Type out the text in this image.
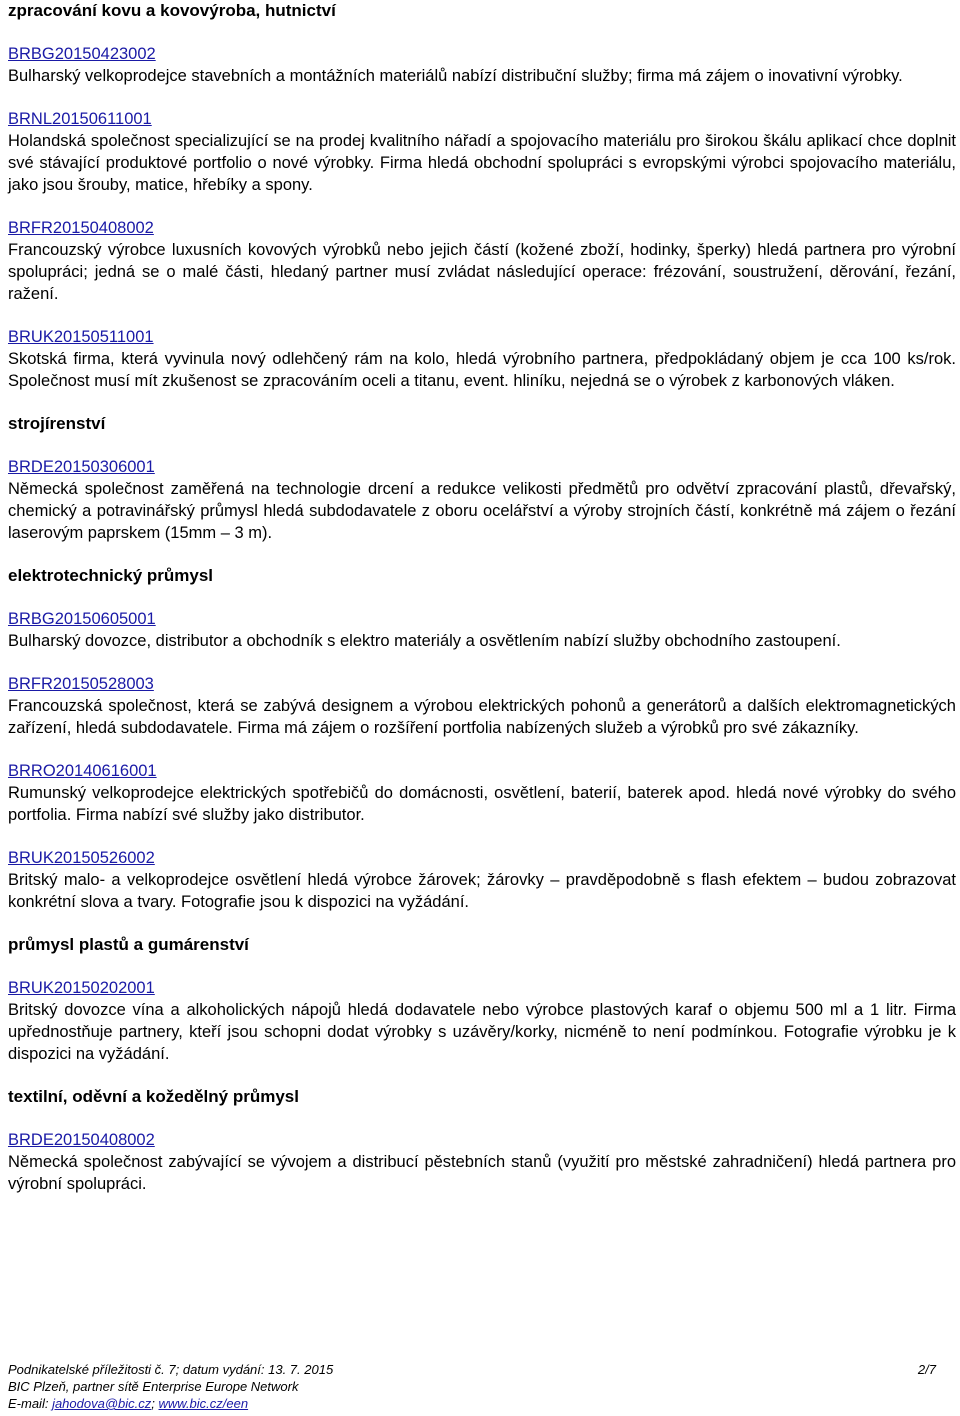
zpracování kovu a kovovýroba, hutnictví
BRBG20150423002
Bulharský velkoprodejce stavebních a montážních materiálů nabízí distribuční služby; firma má zájem o inovativní výrobky.
BRNL20150611001
Holandská společnost specializující se na prodej kvalitního nářadí a spojovacího materiálu pro širokou škálu aplikací chce doplnit své stávající produktové portfolio o nové výrobky. Firma hledá obchodní spolupráci s evropskými výrobci spojovacího materiálu, jako jsou šrouby, matice, hřebíky a spony.
BRFR20150408002
Francouzský výrobce luxusních kovových výrobků nebo jejich částí (kožené zboží, hodinky, šperky) hledá partnera pro výrobní spolupráci; jedná se o malé části, hledaný partner musí zvládat následující operace: frézování, soustružení, děrování, řezání, ražení.
BRUK20150511001
Skotská firma, která vyvinula nový odlehčený rám na kolo, hledá výrobního partnera, předpokládaný objem je cca 100 ks/rok. Společnost musí mít zkušenost se zpracováním oceli a titanu, event. hliníku, nejedná se o výrobek z karbonových vláken.
strojírenství
BRDE20150306001
Německá společnost zaměřená na technologie drcení a redukce velikosti předmětů pro odvětví zpracování plastů, dřevařský, chemický a potravinářský průmysl hledá subdodavatele z oboru ocelářství a výroby strojních částí, konkrétně má zájem o řezání laserovým paprskem (15mm – 3 m).
elektrotechnický průmysl
BRBG20150605001
Bulharský dovozce, distributor a obchodník s elektro materiály a osvětlením nabízí služby obchodního zastoupení.
BRFR20150528003
Francouzská společnost, která se zabývá designem a výrobou elektrických pohonů a generátorů a dalších elektromagnetických zařízení, hledá subdodavatele. Firma má zájem o rozšíření portfolia nabízených služeb a výrobků pro své zákazníky.
BRRO20140616001
Rumunský velkoprodejce elektrických spotřebičů do domácnosti, osvětlení, baterií, baterek apod. hledá nové výrobky do svého portfolia. Firma nabízí své služby jako distributor.
BRUK20150526002
Britský malo- a velkoprodejce osvětlení hledá výrobce žárovek; žárovky – pravděpodobně s flash efektem – budou zobrazovat konkrétní slova a tvary. Fotografie jsou k dispozici na vyžádání.
průmysl plastů a gumárenství
BRUK20150202001
Britský dovozce vína a alkoholických nápojů hledá dodavatele nebo výrobce plastových karaf o objemu 500 ml a 1 litr. Firma upřednostňuje partnery, kteří jsou schopni dodat výrobky s uzávěry/korky, nicméně to není podmínkou. Fotografie výrobku je k dispozici na vyžádání.
textilní, oděvní a kožedělný průmysl
BRDE20150408002
Německá společnost zabývající se vývojem a distribucí pěstebních stanů (využití pro městské zahradničení) hledá partnera pro výrobní spolupráci.
Podnikatelské příležitosti č. 7; datum vydání: 13. 7. 2015	2/7
BIC Plzeň, partner sítě Enterprise Europe Network
E-mail: jahodova@bic.cz; www.bic.cz/een
